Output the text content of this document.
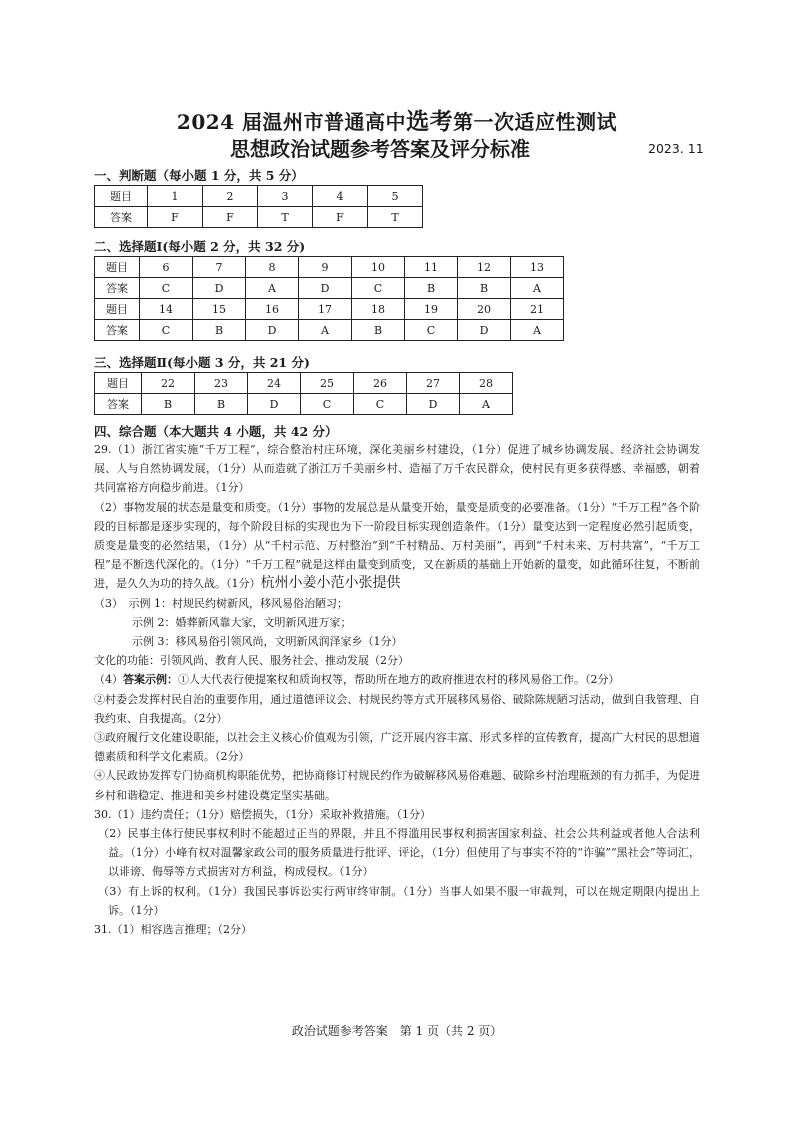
2024 届温州市普通高中选考第一次适应性测试
思想政治试题参考答案及评分标准	2023. 11
一、判断题（每小题 1 分，共 5 分）
题目	1	2	3	4	5
答案	F	F	T	F	T
二、选择题Ⅰ(每小题 2 分，共 32 分)
题目	6	7	8	9	10	11	12	13
答案	C	D	A	D	C	B	B	A
题目	14	15	16	17	18	19	20	21
答案	C	B	D	A	B	C	D	A
三、选择题Ⅱ(每小题 3 分，共 21 分)
题目	22	23	24	25	26	27	28
答案	B	B	D	C	C	D	A
四、综合题（本大题共 4 小题，共 42 分）

29.（1）浙江省实施“千万工程”，综合整治村庄环境，深化美丽乡村建设，（1分）促进了城乡协调发展、经济社会协调发展、人与自然协调发展，（1分）从而造就了浙江万千美丽乡村、造福了万千农民群众，使村民有更多获得感、幸福感，朝着共同富裕方向稳步前进。（1分）

（2）事物发展的状态是量变和质变。（1分）事物的发展总是从量变开始，量变是质变的必要准备。（1分）“千万工程”各个阶段的目标都是逐步实现的，每个阶段目标的实现也为下一阶段目标实现创造条件。（1分）量变达到一定程度必然引起质变，质变是量变的必然结果，（1分）从“千村示范、万村整治”到“千村精品、万村美丽”，再到“千村未来、万村共富”，“千万工程”是不断迭代深化的。（1分）“千万工程”就是这样由量变到质变，又在新质的基础上开始新的量变，如此循环往复，不断前进，是久久为功的持久战。（1分）杭州小姜小范小张提供

（3）　示例 1：村规民约树新风，移风易俗治陋习；

示例 2：婚葬新风靠大家，文明新风进万家；

示例 3：移风易俗引领风尚，文明新风润泽家乡（1分）

文化的功能：引领风尚、教育人民、服务社会、推动发展（2分）

（4）答案示例：①人大代表行使提案权和质询权等，帮助所在地方的政府推进农村的移风易俗工作。（2分）

②村委会发挥村民自治的重要作用，通过道德评议会、村规民约等方式开展移风易俗、破除陈规陋习活动，做到自我管理、自我约束、自我提高。（2分）

③政府履行文化建设职能，以社会主义核心价值观为引领，广泛开展内容丰富、形式多样的宣传教育，提高广大村民的思想道德素质和科学文化素质。（2分）

④人民政协发挥专门协商机构职能优势，把协商修订村规民约作为破解移风易俗难题、破除乡村治理瓶颈的有力抓手，为促进乡村和谐稳定、推进和美乡村建设奠定坚实基础。

30.（1）违约责任；（1分）赔偿损失，（1分）采取补救措施。（1分）

（2）民事主体行使民事权利时不能超过正当的界限，并且不得滥用民事权利损害国家利益、社会公共利益或者他人合法利益。（1分）小峰有权对温馨家政公司的服务质量进行批评、评论，（1分）但使用了与事实不符的“诈骗”“黑社会”等词汇，以诽谤、侮辱等方式损害对方利益，构成侵权。（1分）

（3）有上诉的权利。（1分）我国民事诉讼实行两审终审制。（1分）当事人如果不服一审裁判，可以在规定期限内提出上诉。（1分）

31.（1）相容选言推理；（2分）

政治试题参考答案　第 1 页（共 2 页）
